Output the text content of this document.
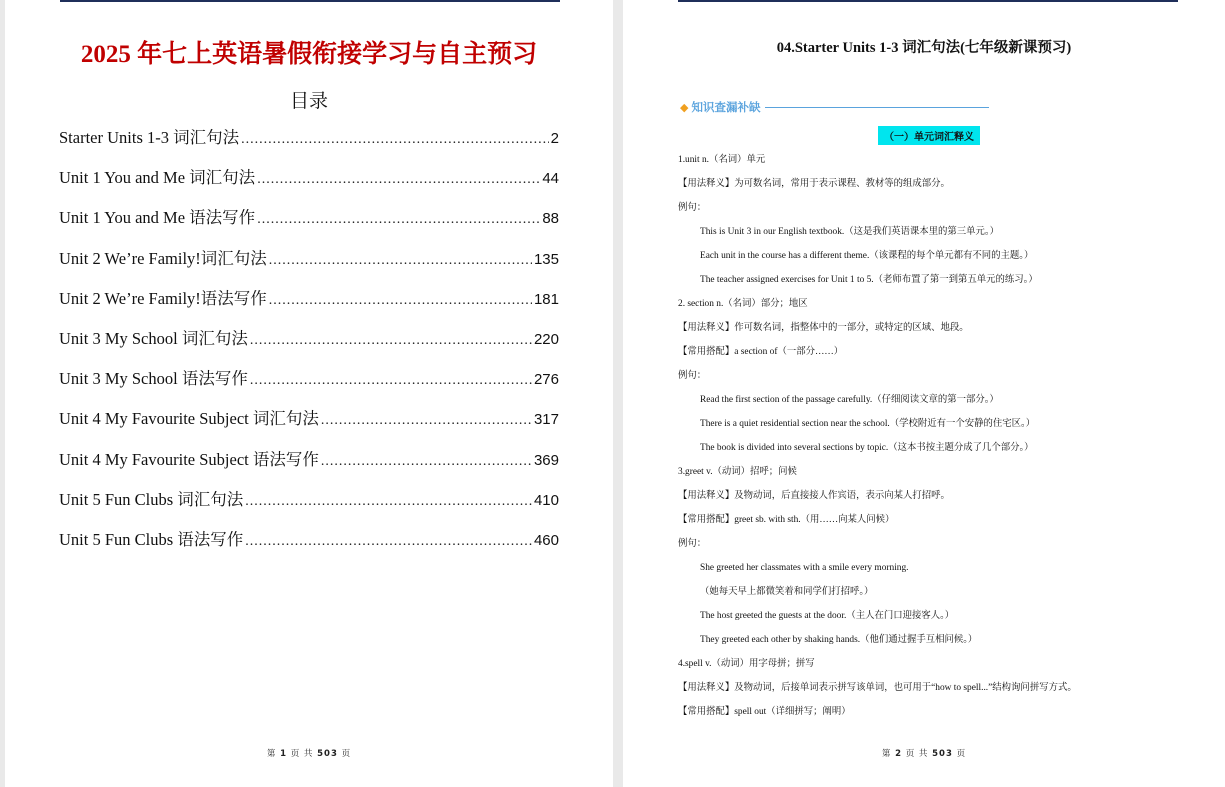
2025 年七上英语暑假衔接学习与自主预习
目录
Starter Units 1-3 词汇句法 .....	2
Unit 1 You and Me 词汇句法 .....	44
Unit 1 You and Me 语法写作 .....	88
Unit 2 We’re Family!词汇句法 .....	135
Unit 2 We’re Family!语法写作 .....	181
Unit 3 My School 词汇句法 .....	220
Unit 3 My School 语法写作 .....	276
Unit 4 My Favourite Subject 词汇句法 .....	317
Unit 4 My Favourite Subject 语法写作 .....	369
Unit 5 Fun Clubs 词汇句法 .....	410
Unit 5 Fun Clubs 语法写作 .....	460
第 1 页 共 503 页
04.Starter Units 1-3 词汇句法(七年级新课预习)
◆ 知识查漏补缺
（一）单元词汇释义
1.unit n.（名词）单元
【用法释义】为可数名词，常用于表示课程、教材等的组成部分。
例句：
This is Unit 3 in our English textbook.（这是我们英语课本里的第三单元。）
Each unit in the course has a different theme.（该课程的每个单元都有不同的主题。）
The teacher assigned exercises for Unit 1 to 5.（老师布置了第一到第五单元的练习。）
2. section n.（名词）部分；地区
【用法释义】作可数名词，指整体中的一部分，或特定的区域、地段。
【常用搭配】a section of（一部分……）
例句：
Read the first section of the passage carefully.（仔细阅读文章的第一部分。）
There is a quiet residential section near the school.（学校附近有一个安静的住宅区。）
The book is divided into several sections by topic.（这本书按主题分成了几个部分。）
3.greet v.（动词）招呼；问候
【用法释义】及物动词，后直接接人作宾语，表示向某人打招呼。
【常用搭配】greet sb. with sth.（用……向某人问候）
例句：
She greeted her classmates with a smile every morning.
（她每天早上都微笑着和同学们打招呼。）
The host greeted the guests at the door.（主人在门口迎接客人。）
They greeted each other by shaking hands.（他们通过握手互相问候。）
4.spell v.（动词）用字母拼；拼写
【用法释义】及物动词，后接单词表示拼写该单词，也可用于“how to spell...”结构询问拼写方式。
【常用搭配】spell out（详细拼写；阐明）
第 2 页 共 503 页
